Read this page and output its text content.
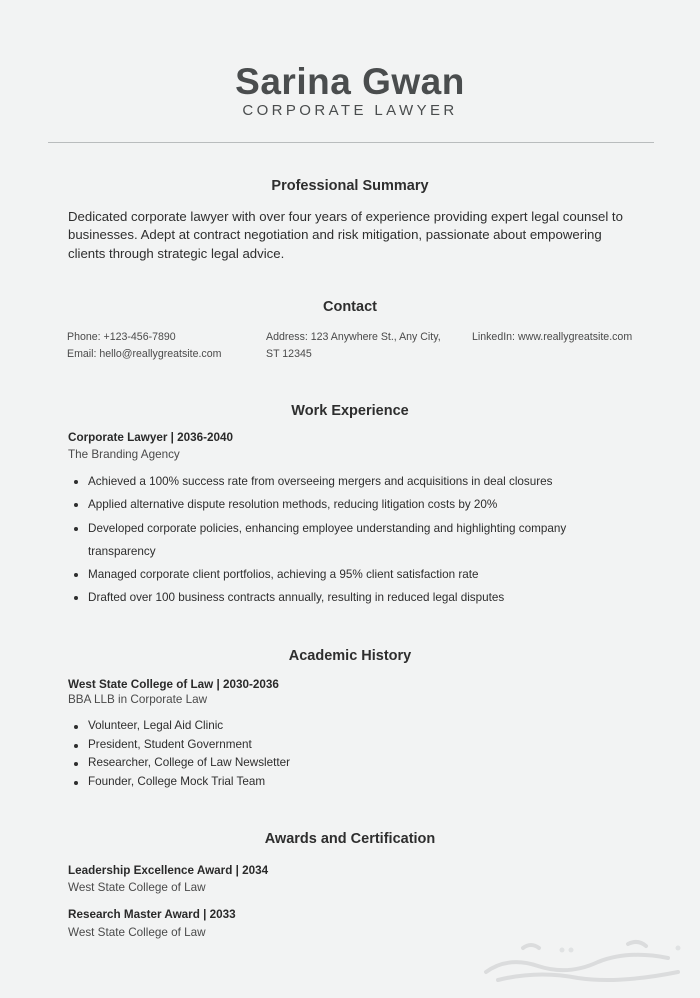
Sarina Gwan
CORPORATE LAWYER
Professional Summary
Dedicated corporate lawyer with over four years of experience providing expert legal counsel to businesses. Adept at contract negotiation and risk mitigation, passionate about empowering clients through strategic legal advice.
Contact
Phone: +123-456-7890
Email: hello@reallygreatsite.com
Address: 123 Anywhere St., Any City,
ST 12345
LinkedIn: www.reallygreatsite.com
Work Experience
Corporate Lawyer | 2036-2040
The Branding Agency
Achieved a 100% success rate from overseeing mergers and acquisitions in deal closures
Applied alternative dispute resolution methods, reducing litigation costs by 20%
Developed corporate policies, enhancing employee understanding and highlighting company transparency
Managed corporate client portfolios, achieving a 95% client satisfaction rate
Drafted over 100 business contracts annually, resulting in reduced legal disputes
Academic History
West State College of Law | 2030-2036
BBA LLB in Corporate Law
Volunteer, Legal Aid Clinic
President, Student Government
Researcher, College of Law Newsletter
Founder, College Mock Trial Team
Awards and Certification
Leadership Excellence Award | 2034
West State College of Law
Research Master Award | 2033
West State College of Law
